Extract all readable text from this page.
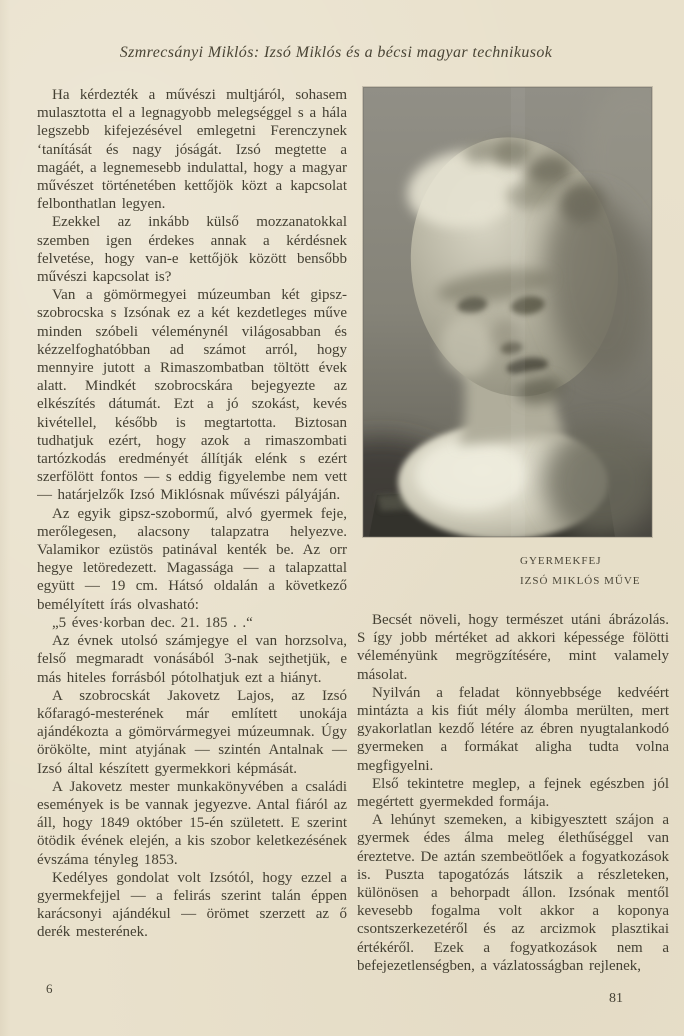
Szmrecsányi Miklós: Izsó Miklós és a bécsi magyar technikusok

Ha kérdezték a művészi multjáról, sohasem mulasztotta el a legnagyobb melegséggel s a hála legszebb kifejezésével emlegetni Ferenczynek ‘tanítását és nagy jóságát. Izsó megtette a magáét, a legnemesebb indulattal, hogy a magyar művészet történetében kettőjök közt a kapcsolat felbonthatlan legyen.

Ezekkel az inkább külső mozzanatokkal szemben igen érdekes annak a kérdésnek felvetése, hogy van-e kettőjök között bensőbb művészi kapcsolat is?

Van a gömörmegyei múzeumban két gipsz-szobrocska s Izsónak ez a két kezdetleges műve minden szóbeli véleménynél világosabban és kézzelfoghatóbban ad számot arról, hogy mennyire jutott a Rimaszombatban töltött évek alatt. Mindkét szobrocskára bejegyezte az elkészítés dátumát. Ezt a jó szokást, kevés kivétellel, később is megtartotta. Biztosan tudhatjuk ezért, hogy azok a rimaszombati tartózkodás eredményét állítják elénk s ezért szerfölött fontos — s eddig figyelembe nem vett — határjelzők Izsó Miklósnak művészi pályáján.

Az egyik gipsz-szobormű, alvó gyermek feje, merőlegesen, alacsony talapzatra helyezve. Valamikor ezüstös patinával kenték be. Az orr hegye letöredezett. Magassága — a talapzattal együtt — 19 cm. Hátsó oldalán a következő bemélyített írás olvasható:

„5 éves·korban dec. 21. 185 . .“

Az évnek utolsó számjegye el van horzsolva, felső megmaradt vonásából 3-nak sejthetjük, e más hiteles forrásból pótolhatjuk ezt a hiányt.

A szobrocskát Jakovetz Lajos, az Izsó kőfaragó-mesterének már említett unokája ajándékozta a gömörvármegyei múzeumnak. Úgy örökölte, mint atyjának — szintén Antalnak — Izsó által készített gyermekkori képmását.

A Jakovetz mester munkakönyvében a családi események is be vannak jegyezve. Antal fiáról az áll, hogy 1849 október 15-én született. E szerint ötödik évének elején, a kis szobor keletkezésének évszáma tényleg 1853.

Kedélyes gondolat volt Izsótól, hogy ezzel a gyermekfejjel — a felirás szerint talán éppen karácsonyi ajándékul — örömet szerzett az ő derék mesterének.

GYERMEKFEJ
IZSÓ MIKLÓS MŰVE

Becsét növeli, hogy természet utáni ábrázolás. S így jobb mértéket ad akkori képessége fölötti véleményünk megrögzítésére, mint valamely másolat.

Nyilván a feladat könnyebbsége kedvéért mintázta a kis fiút mély álomba merülten, mert gyakorlatlan kezdő létére az ébren nyugtalankodó gyermeken a formákat aligha tudta volna megfigyelni.

Első tekintetre meglep, a fejnek egészben jól megértett gyermekded formája.

A lehúnyt szemeken, a kibigyesztett szájon a gyermek édes álma meleg élethűséggel van éreztetve. De aztán szembeötlőek a fogyatkozások is. Puszta tapogatózás látszik a részleteken, különösen a behorpadt állon. Izsónak mentől kevesebb fogalma volt akkor a koponya csontszerkezetéről és az arcizmok plasztikai értékéről. Ezek a fogyatkozások nem a befejezetlenségben, a vázlatosságban rejlenek,

6
81
